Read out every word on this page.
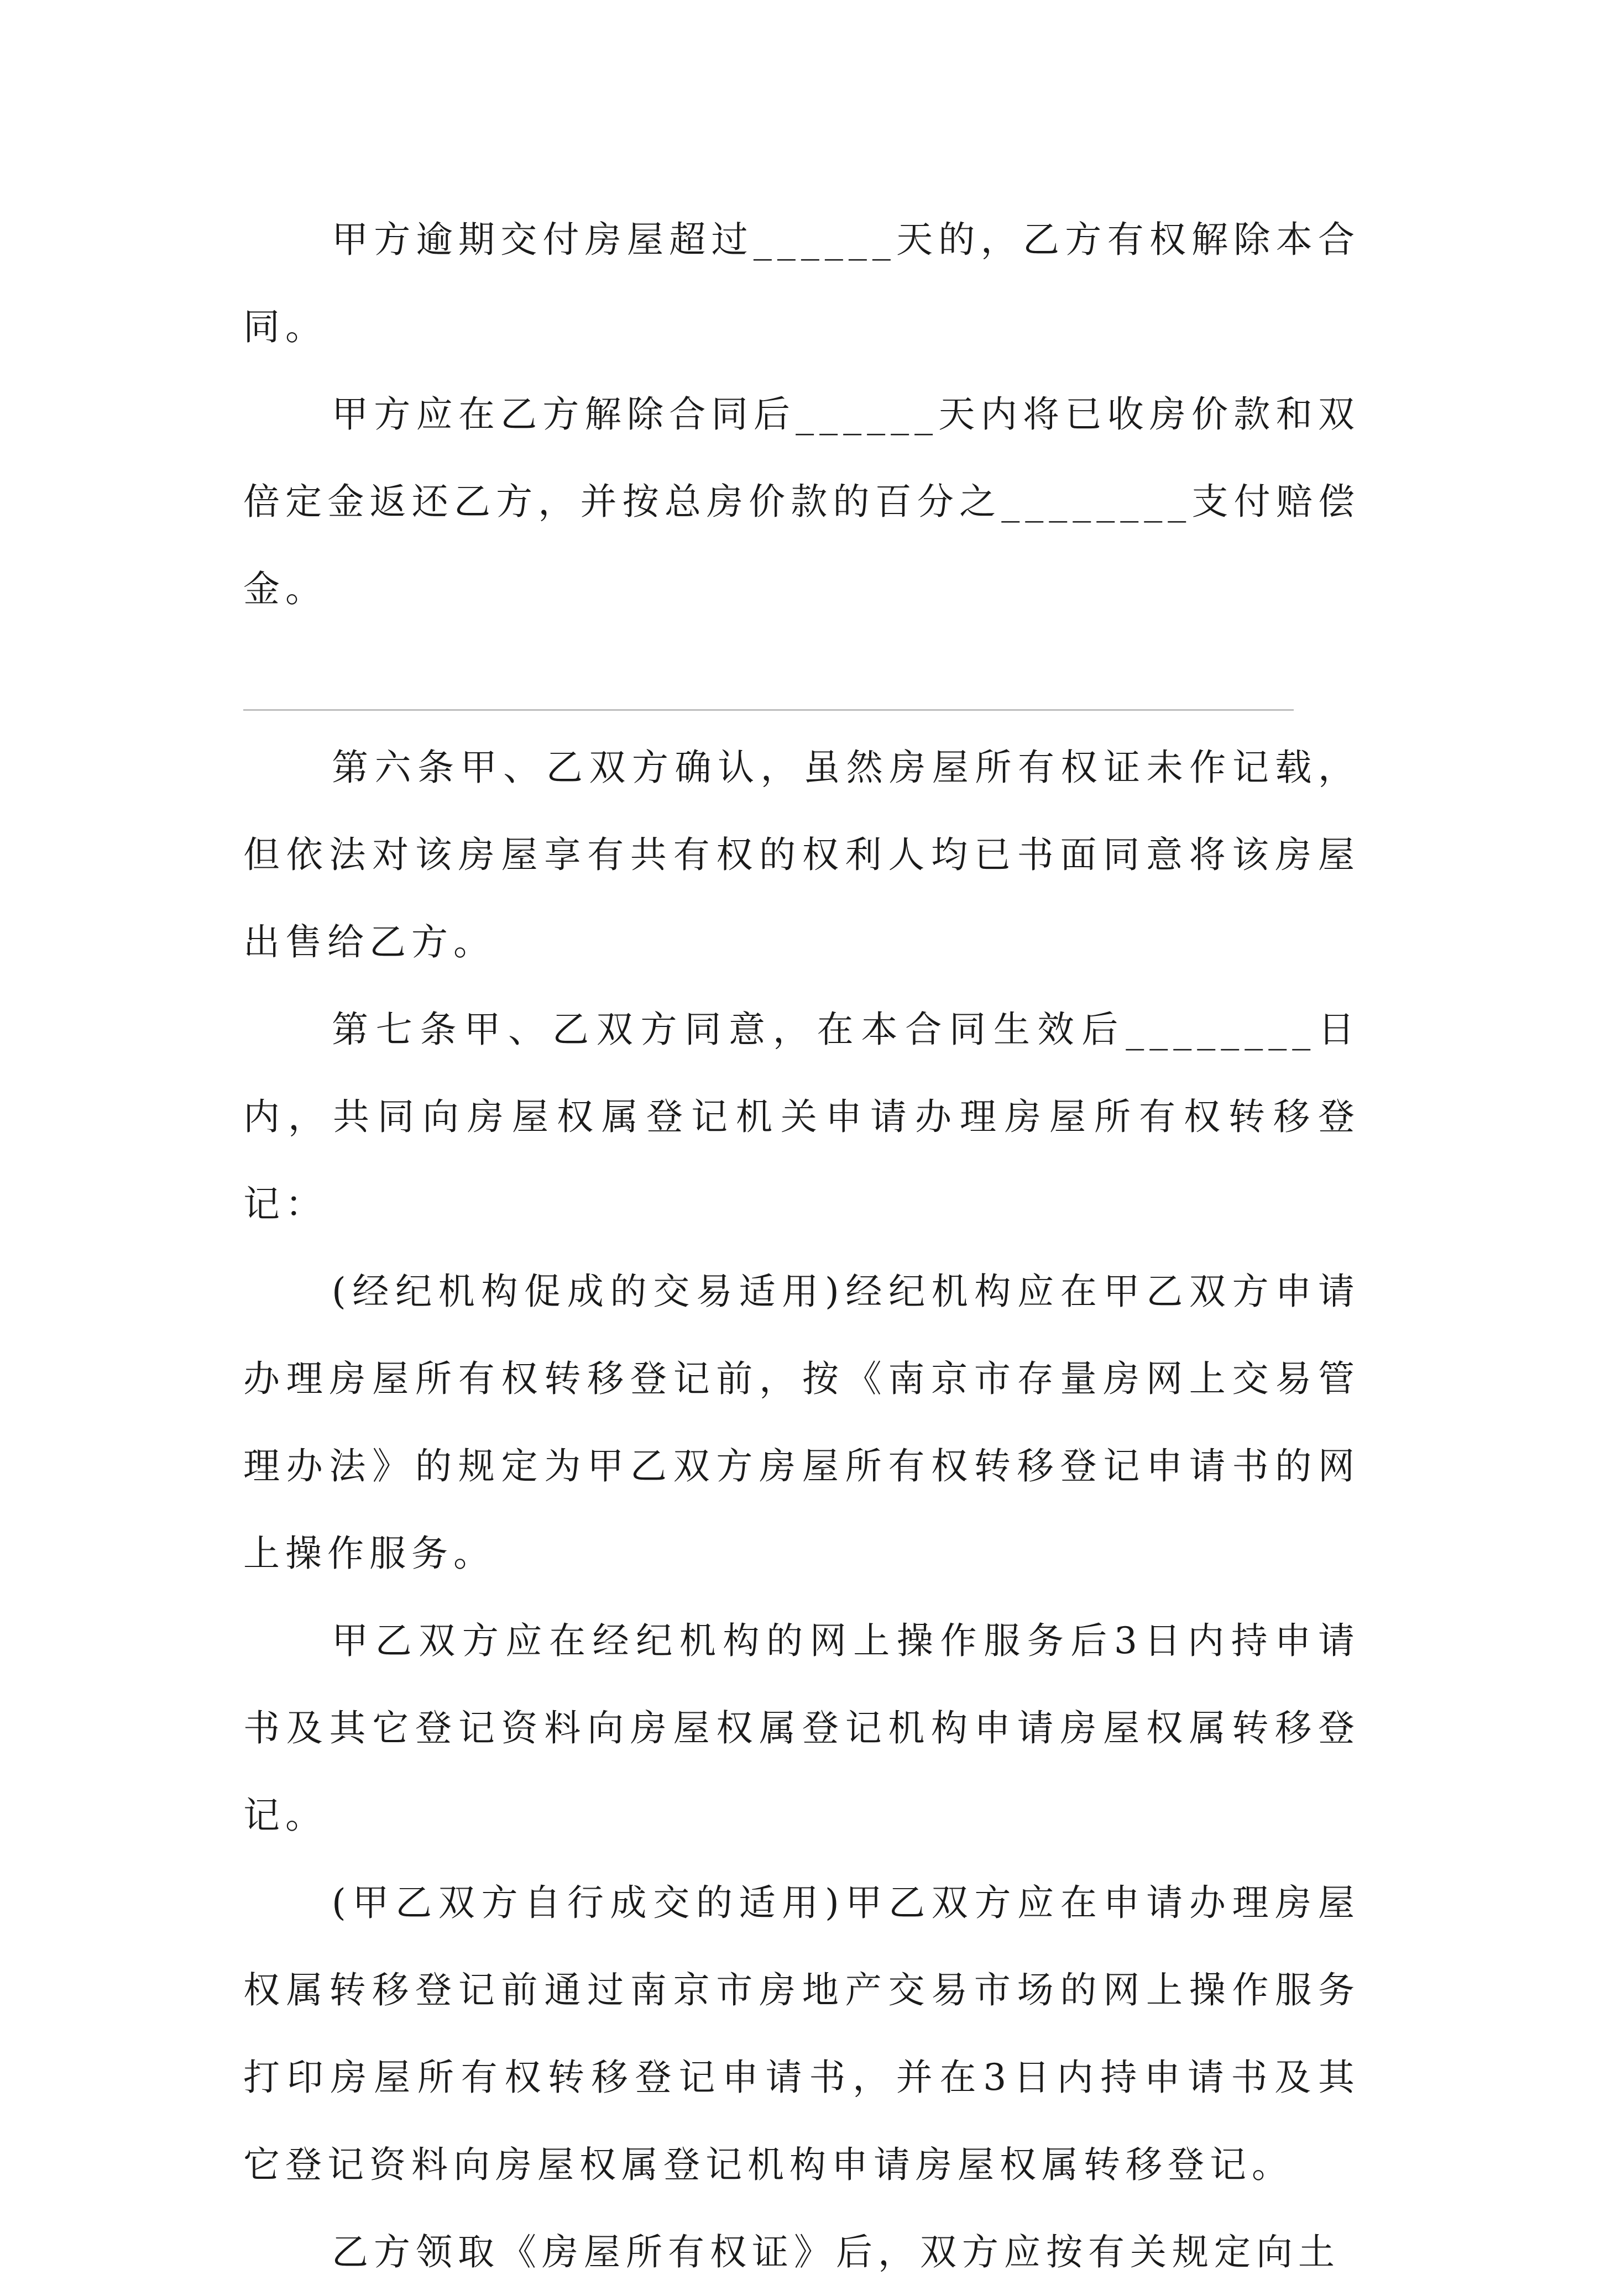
甲方逾期交付房屋超过______天的，乙方有权解除本合同。

甲方应在乙方解除合同后______天内将已收房价款和双倍定金返还乙方，并按总房价款的百分之________支付赔偿金。

第六条甲、乙双方确认，虽然房屋所有权证未作记载，但依法对该房屋享有共有权的权利人均已书面同意将该房屋出售给乙方。

第七条甲、乙双方同意，在本合同生效后________日内，共同向房屋权属登记机关申请办理房屋所有权转移登记：

(经纪机构促成的交易适用)经纪机构应在甲乙双方申请办理房屋所有权转移登记前，按《南京市存量房网上交易管理办法》的规定为甲乙双方房屋所有权转移登记申请书的网上操作服务。

甲乙双方应在经纪机构的网上操作服务后3日内持申请书及其它登记资料向房屋权属登记机构申请房屋权属转移登记。

(甲乙双方自行成交的适用)甲乙双方应在申请办理房屋权属转移登记前通过南京市房地产交易市场的网上操作服务打印房屋所有权转移登记申请书，并在3日内持申请书及其它登记资料向房屋权属登记机构申请房屋权属转移登记。

乙方领取《房屋所有权证》后，双方应按有关规定向土
